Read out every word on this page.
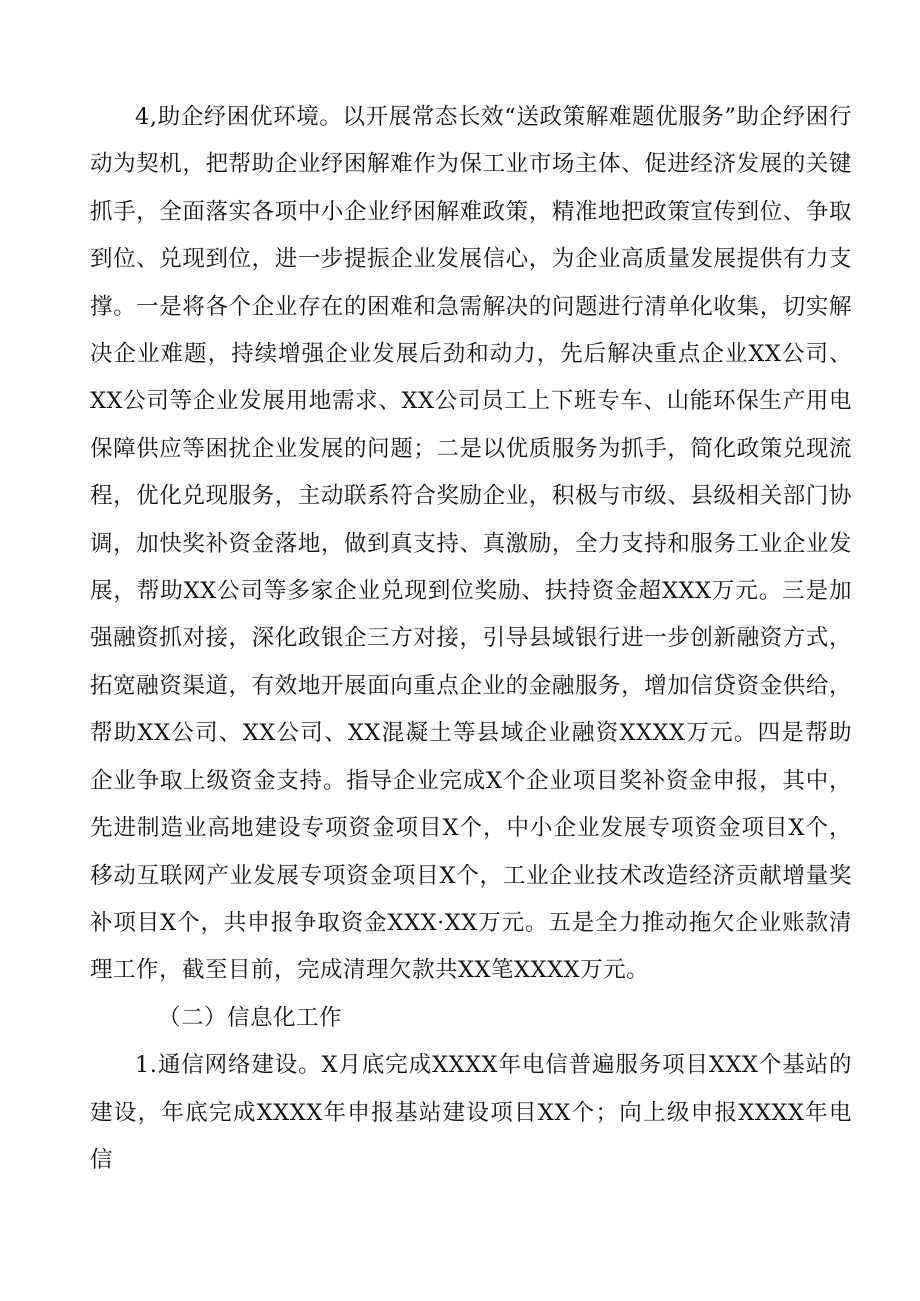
4,助企纾困优环境。以开展常态长效“送政策解难题优服务”助企纾困行动为契机，把帮助企业纾困解难作为保工业市场主体、促进经济发展的关键抓手，全面落实各项中小企业纾困解难政策，精准地把政策宣传到位、争取到位、兑现到位，进一步提振企业发展信心，为企业高质量发展提供有力支撑。一是将各个企业存在的困难和急需解决的问题进行清单化收集，切实解决企业难题，持续增强企业发展后劲和动力，先后解决重点企业XX公司、XX公司等企业发展用地需求、XX公司员工上下班专车、山能环保生产用电保障供应等困扰企业发展的问题；二是以优质服务为抓手，简化政策兑现流程，优化兑现服务，主动联系符合奖励企业，积极与市级、县级相关部门协调，加快奖补资金落地，做到真支持、真激励，全力支持和服务工业企业发展，帮助XX公司等多家企业兑现到位奖励、扶持资金超XXX万元。三是加强融资抓对接，深化政银企三方对接，引导县域银行进一步创新融资方式，拓宽融资渠道，有效地开展面向重点企业的金融服务，增加信贷资金供给，帮助XX公司、XX公司、XX混凝土等县域企业融资XXXX万元。四是帮助企业争取上级资金支持。指导企业完成X个企业项目奖补资金申报，其中，先进制造业高地建设专项资金项目X个，中小企业发展专项资金项目X个，移动互联网产业发展专项资金项目X个，工业企业技术改造经济贡献增量奖补项目X个，共申报争取资金XXX·XX万元。五是全力推动拖欠企业账款清理工作，截至目前，完成清理欠款共XX笔XXXX万元。

（二）信息化工作

1.通信网络建设。X月底完成XXXX年电信普遍服务项目XXX个基站的建设，年底完成XXXX年申报基站建设项目XX个；向上级申报XXXX年电信
